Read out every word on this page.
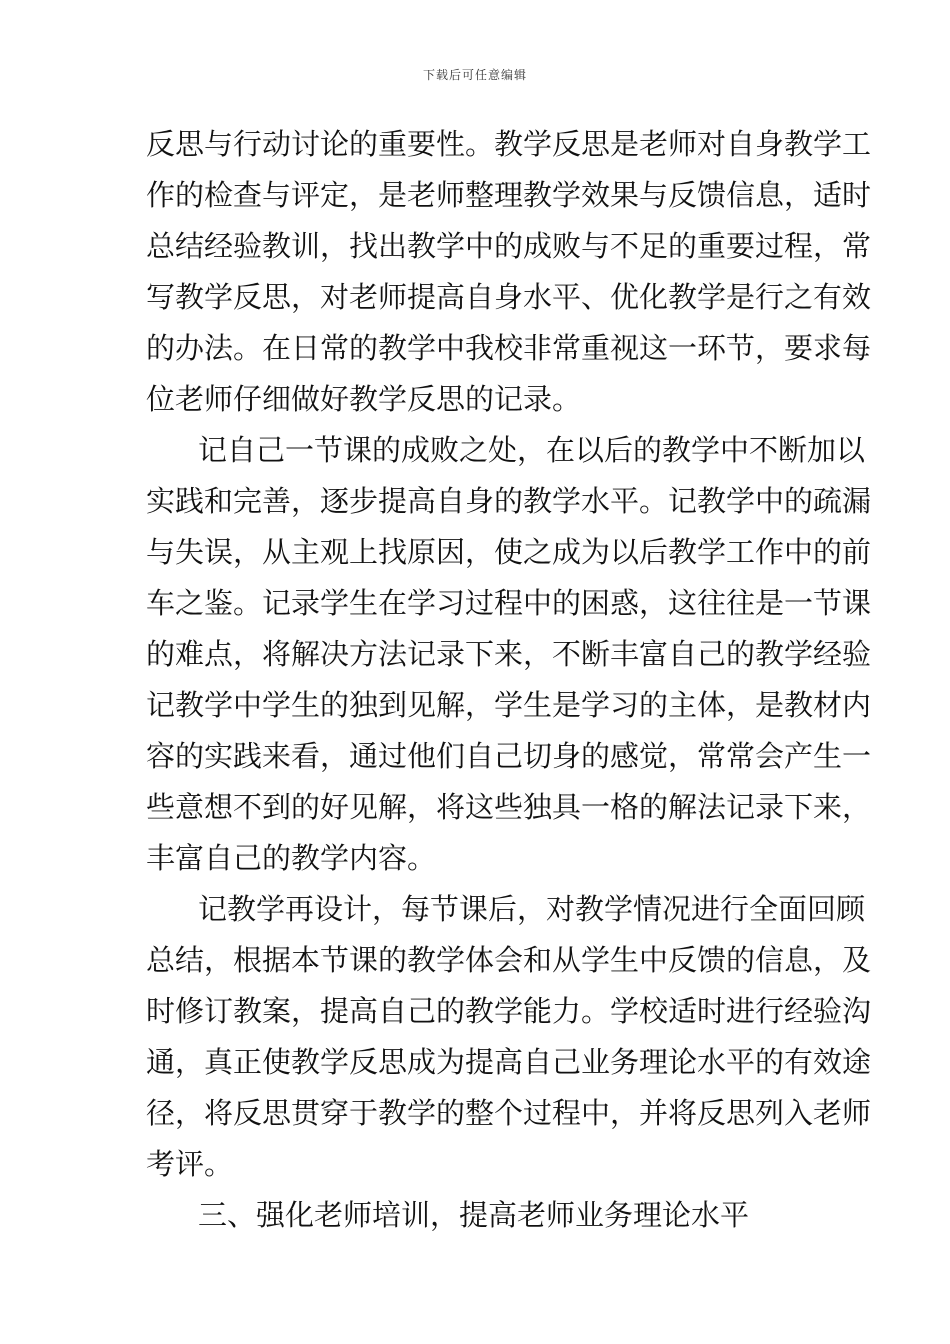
下载后可任意编辑
反思与行动讨论的重要性。教学反思是老师对自身教学工
作的检查与评定，是老师整理教学效果与反馈信息，适时
总结经验教训，找出教学中的成败与不足的重要过程，常
写教学反思，对老师提高自身水平、优化教学是行之有效
的办法。在日常的教学中我校非常重视这一环节，要求每
位老师仔细做好教学反思的记录。
记自己一节课的成败之处，在以后的教学中不断加以
实践和完善，逐步提高自身的教学水平。记教学中的疏漏
与失误，从主观上找原因，使之成为以后教学工作中的前
车之鉴。记录学生在学习过程中的困惑，这往往是一节课
的难点，将解决方法记录下来，不断丰富自己的教学经验
记教学中学生的独到见解，学生是学习的主体，是教材内
容的实践来看，通过他们自己切身的感觉，常常会产生一
些意想不到的好见解，将这些独具一格的解法记录下来，
丰富自己的教学内容。
记教学再设计，每节课后，对教学情况进行全面回顾
总结，根据本节课的教学体会和从学生中反馈的信息，及
时修订教案，提高自己的教学能力。学校适时进行经验沟
通，真正使教学反思成为提高自己业务理论水平的有效途
径，将反思贯穿于教学的整个过程中，并将反思列入老师
考评。
三、强化老师培训，提高老师业务理论水平
